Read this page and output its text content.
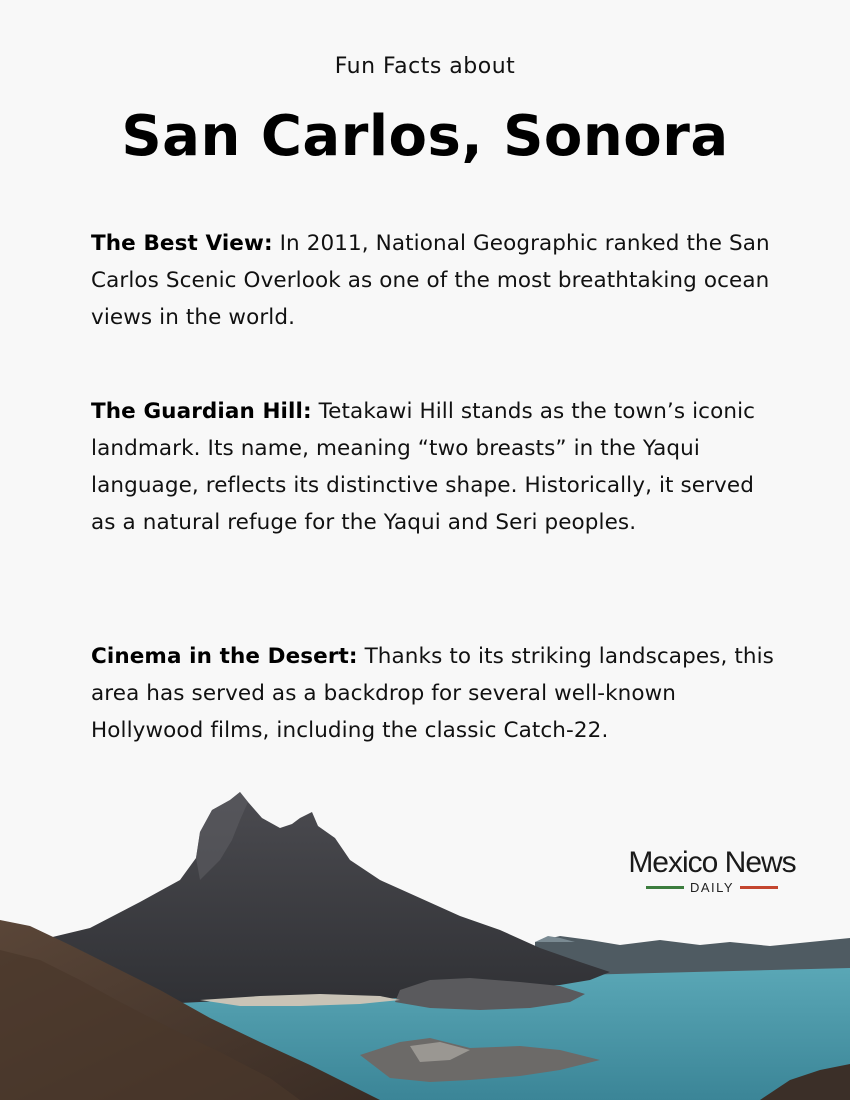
Fun Facts about
San Carlos, Sonora
The Best View: In 2011, National Geographic ranked the San Carlos Scenic Overlook as one of the most breathtaking ocean views in the world.
The Guardian Hill: Tetakawi Hill stands as the town’s iconic landmark. Its name, meaning “two breasts” in the Yaqui language, reflects its distinctive shape. Historically, it served as a natural refuge for the Yaqui and Seri peoples.
Cinema in the Desert: Thanks to its striking landscapes, this area has served as a backdrop for several well-known Hollywood films, including the classic Catch-22.
Mexico News
DAILY
